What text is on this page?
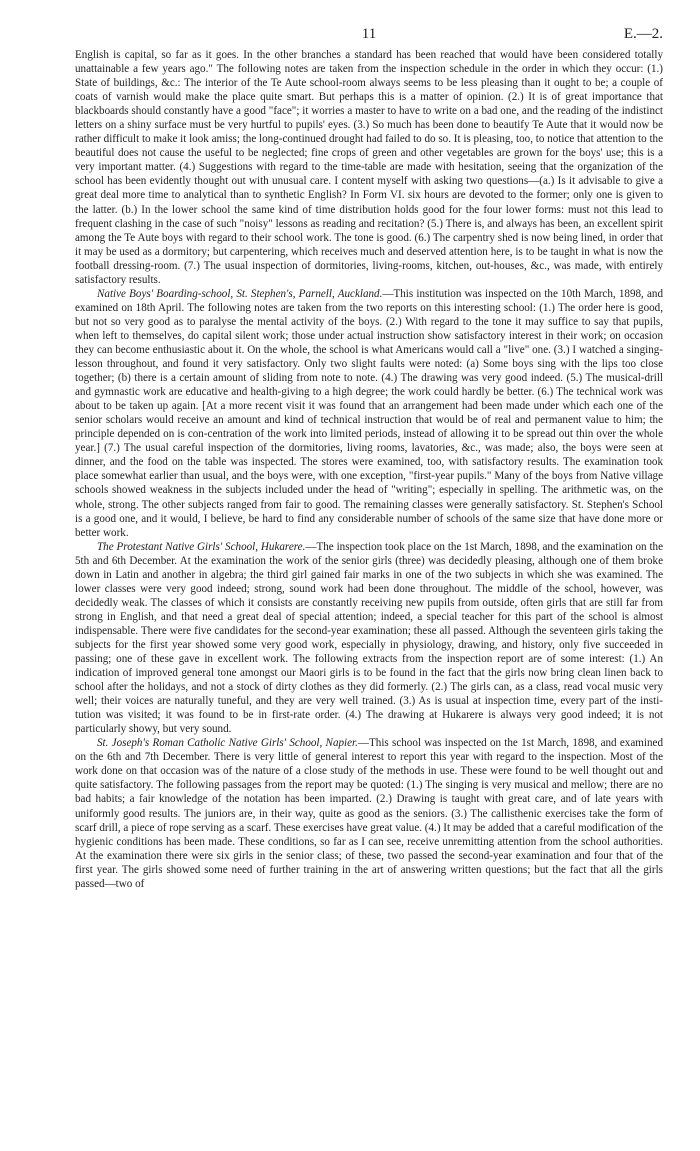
11	E.—2.

English is capital, so far as it goes. In the other branches a standard has been reached that would have been considered totally unattainable a few years ago." The following notes are taken from the inspection schedule in the order in which they occur: (1.) State of buildings, &c.: The interior of the Te Aute school-room always seems to be less pleasing than it ought to be; a couple of coats of varnish would make the place quite smart. But perhaps this is a matter of opinion. (2.) It is of great importance that blackboards should constantly have a good "face"; it worries a master to have to write on a bad one, and the reading of the indistinct letters on a shiny surface must be very hurtful to pupils' eyes. (3.) So much has been done to beautify Te Aute that it would now be rather difficult to make it look amiss; the long-continued drought had failed to do so. It is pleasing, too, to notice that attention to the beautiful does not cause the useful to be neglected; fine crops of green and other vegetables are grown for the boys' use; this is a very important matter. (4.) Suggestions with regard to the time-table are made with hesitation, seeing that the organization of the school has been evidently thought out with unusual care. I content myself with asking two questions—(a.) Is it advisable to give a great deal more time to analytical than to synthetic English? In Form VI. six hours are devoted to the former; only one is given to the latter. (b.) In the lower school the same kind of time distribution holds good for the four lower forms: must not this lead to frequent clashing in the case of such "noisy" lessons as reading and recitation? (5.) There is, and always has been, an excellent spirit among the Te Aute boys with regard to their school work. The tone is good. (6.) The carpentry shed is now being lined, in order that it may be used as a dormitory; but carpentering, which receives much and deserved attention here, is to be taught in what is now the football dressing-room. (7.) The usual inspection of dormitories, living-rooms, kitchen, out-houses, &c., was made, with entirely satisfactory results.

Native Boys' Boarding-school, St. Stephen's, Parnell, Auckland.—This institution was inspected on the 10th March, 1898, and examined on 18th April. The following notes are taken from the two reports on this interesting school: (1.) The order here is good, but not so very good as to paralyse the mental activity of the boys. (2.) With regard to the tone it may suffice to say that pupils, when left to themselves, do capital silent work; those under actual instruction show satisfactory interest in their work; on occasion they can become enthusiastic about it. On the whole, the school is what Americans would call a "live" one. (3.) I watched a singing-lesson throughout, and found it very satisfactory. Only two slight faults were noted: (a) Some boys sing with the lips too close together; (b) there is a certain amount of sliding from note to note. (4.) The drawing was very good indeed. (5.) The musical-drill and gymnastic work are educative and health-giving to a high degree; the work could hardly be better. (6.) The technical work was about to be taken up again. [At a more recent visit it was found that an arrangement had been made under which each one of the senior scholars would receive an amount and kind of technical instruction that would be of real and permanent value to him; the principle depended on is con-centration of the work into limited periods, instead of allowing it to be spread out thin over the whole year.] (7.) The usual careful inspection of the dormitories, living rooms, lavatories, &c., was made; also, the boys were seen at dinner, and the food on the table was inspected. The stores were examined, too, with satisfactory results. The examination took place somewhat earlier than usual, and the boys were, with one exception, "first-year pupils." Many of the boys from Native village schools showed weakness in the subjects included under the head of "writing"; especially in spelling. The arithmetic was, on the whole, strong. The other subjects ranged from fair to good. The remaining classes were generally satisfactory. St. Stephen's School is a good one, and it would, I believe, be hard to find any considerable number of schools of the same size that have done more or better work.

The Protestant Native Girls' School, Hukarere.—The inspection took place on the 1st March, 1898, and the examination on the 5th and 6th December. At the examination the work of the senior girls (three) was decidedly pleasing, although one of them broke down in Latin and another in algebra; the third girl gained fair marks in one of the two subjects in which she was examined. The lower classes were very good indeed; strong, sound work had been done throughout. The middle of the school, however, was decidedly weak. The classes of which it consists are constantly receiving new pupils from outside, often girls that are still far from strong in English, and that need a great deal of special attention; indeed, a special teacher for this part of the school is almost indispensable. There were five candidates for the second-year examination; these all passed. Although the seventeen girls taking the subjects for the first year showed some very good work, especially in physiology, drawing, and history, only five succeeded in passing; one of these gave in excellent work. The following extracts from the inspection report are of some interest: (1.) An indication of improved general tone amongst our Maori girls is to be found in the fact that the girls now bring clean linen back to school after the holidays, and not a stock of dirty clothes as they did formerly. (2.) The girls can, as a class, read vocal music very well; their voices are naturally tuneful, and they are very well trained. (3.) As is usual at inspection time, every part of the insti-tution was visited; it was found to be in first-rate order. (4.) The drawing at Hukarere is always very good indeed; it is not particularly showy, but very sound.

St. Joseph's Roman Catholic Native Girls' School, Napier.—This school was inspected on the 1st March, 1898, and examined on the 6th and 7th December. There is very little of general interest to report this year with regard to the inspection. Most of the work done on that occasion was of the nature of a close study of the methods in use. These were found to be well thought out and quite satisfactory. The following passages from the report may be quoted: (1.) The singing is very musical and mellow; there are no bad habits; a fair knowledge of the notation has been imparted. (2.) Drawing is taught with great care, and of late years with uniformly good results. The juniors are, in their way, quite as good as the seniors. (3.) The callisthenic exercises take the form of scarf drill, a piece of rope serving as a scarf. These exercises have great value. (4.) It may be added that a careful modification of the hygienic conditions has been made. These conditions, so far as I can see, receive unremitting attention from the school authorities. At the examination there were six girls in the senior class; of these, two passed the second-year examination and four that of the first year. The girls showed some need of further training in the art of answering written questions; but the fact that all the girls passed—two of
